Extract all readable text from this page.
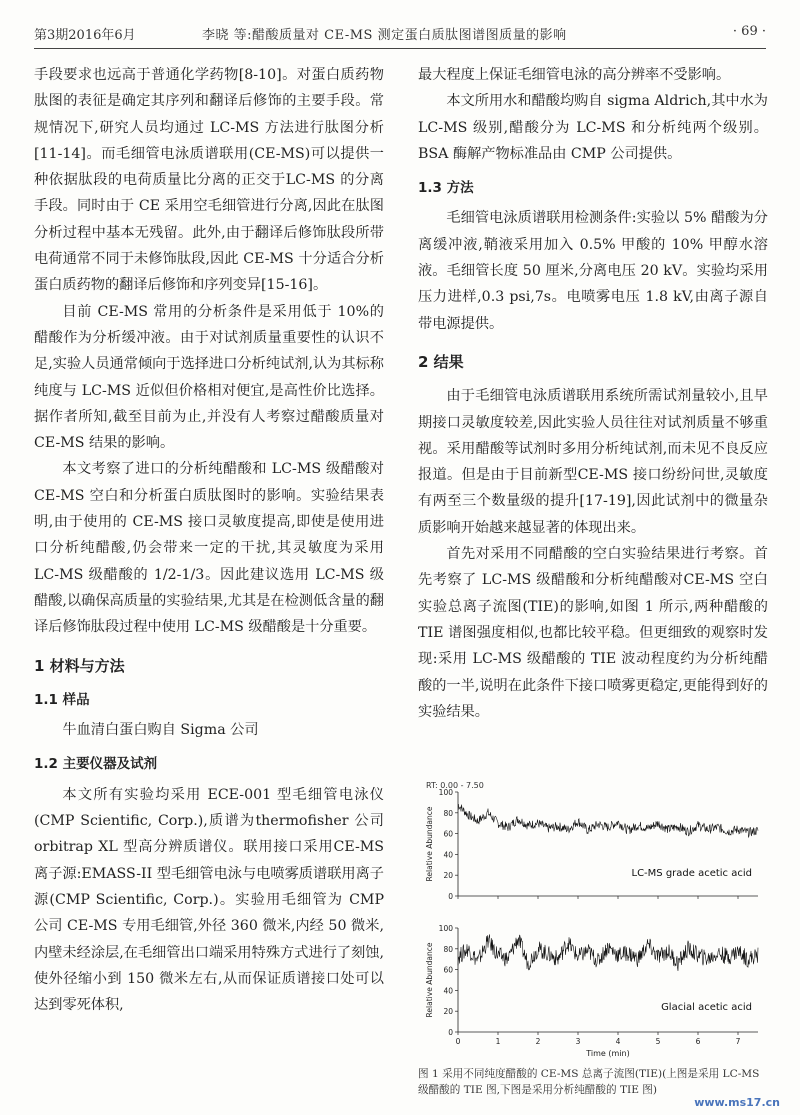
第3期2016年6月	李晓 等:醋酸质量对 CE-MS 测定蛋白质肽图谱图质量的影响	· 69 ·

手段要求也远高于普通化学药物[8-10]。对蛋白质药物肽图的表征是确定其序列和翻译后修饰的主要手段。常规情况下,研究人员均通过 LC-MS 方法进行肽图分析[11-14]。而毛细管电泳质谱联用(CE-MS)可以提供一种依据肽段的电荷质量比分离的正交于LC-MS 的分离手段。同时由于 CE 采用空毛细管进行分离,因此在肽图分析过程中基本无残留。此外,由于翻译后修饰肽段所带电荷通常不同于未修饰肽段,因此 CE-MS 十分适合分析蛋白质药物的翻译后修饰和序列变异[15-16]。

目前 CE-MS 常用的分析条件是采用低于 10%的醋酸作为分析缓冲液。由于对试剂质量重要性的认识不足,实验人员通常倾向于选择进口分析纯试剂,认为其标称纯度与 LC-MS 近似但价格相对便宜,是高性价比选择。据作者所知,截至目前为止,并没有人考察过醋酸质量对 CE-MS 结果的影响。

本文考察了进口的分析纯醋酸和 LC-MS 级醋酸对 CE-MS 空白和分析蛋白质肽图时的影响。实验结果表明,由于使用的 CE-MS 接口灵敏度提高,即使是使用进口分析纯醋酸,仍会带来一定的干扰,其灵敏度为采用 LC-MS 级醋酸的 1/2-1/3。因此建议选用 LC-MS 级醋酸,以确保高质量的实验结果,尤其是在检测低含量的翻译后修饰肽段过程中使用 LC-MS 级醋酸是十分重要。

1 材料与方法
1.1 样品

牛血清白蛋白购自 Sigma 公司

1.2 主要仪器及试剂

本文所有实验均采用 ECE-001 型毛细管电泳仪(CMP Scientific, Corp.),质谱为thermofisher 公司 orbitrap XL 型高分辨质谱仪。联用接口采用CE-MS 离子源:EMASS-II 型毛细管电泳与电喷雾质谱联用离子源(CMP Scientific, Corp.)。实验用毛细管为 CMP 公司 CE-MS 专用毛细管,外径 360 微米,内经 50 微米,内壁未经涂层,在毛细管出口端采用特殊方式进行了刻蚀,使外径缩小到 150 微米左右,从而保证质谱接口处可以达到零死体积,

最大程度上保证毛细管电泳的高分辨率不受影响。

本文所用水和醋酸均购自 sigma Aldrich,其中水为 LC-MS 级别,醋酸分为 LC-MS 和分析纯两个级别。BSA 酶解产物标准品由 CMP 公司提供。

1.3 方法

毛细管电泳质谱联用检测条件:实验以 5% 醋酸为分离缓冲液,鞘液采用加入 0.5% 甲酸的 10% 甲醇水溶液。毛细管长度 50 厘米,分离电压 20 kV。实验均采用压力进样,0.3 psi,7s。电喷雾电压 1.8 kV,由离子源自带电源提供。

2 结果

由于毛细管电泳质谱联用系统所需试剂量较小,且早期接口灵敏度较差,因此实验人员往往对试剂质量不够重视。采用醋酸等试剂时多用分析纯试剂,而未见不良反应报道。但是由于目前新型CE-MS 接口纷纷问世,灵敏度有两至三个数量级的提升[17-19],因此试剂中的微量杂质影响开始越来越显著的体现出来。

首先对采用不同醋酸的空白实验结果进行考察。首先考察了 LC-MS 级醋酸和分析纯醋酸对CE-MS 空白实验总离子流图(TIE)的影响,如图 1 所示,两种醋酸的 TIE 谱图强度相似,也都比较平稳。但更细致的观察时发现:采用 LC-MS 级醋酸的 TIE 波动程度约为分析纯醋酸的一半,说明在此条件下接口喷雾更稳定,更能得到好的实验结果。

RT: 0.00 - 7.50
0
20
40
60
80
100
Relative Abundance	LC-MS grade acetic acid
0
20
40
60
80
100
0	1	2	3	4	5	6	7
Relative Abundance
Time (min)
Glacial acetic acid
图 1 采用不同纯度醋酸的 CE-MS 总离子流图(TIE)(上图是采用 LC-MS 级醋酸的 TIE 图,下图是采用分析纯醋酸的 TIE 图)
www.ms17.cn
